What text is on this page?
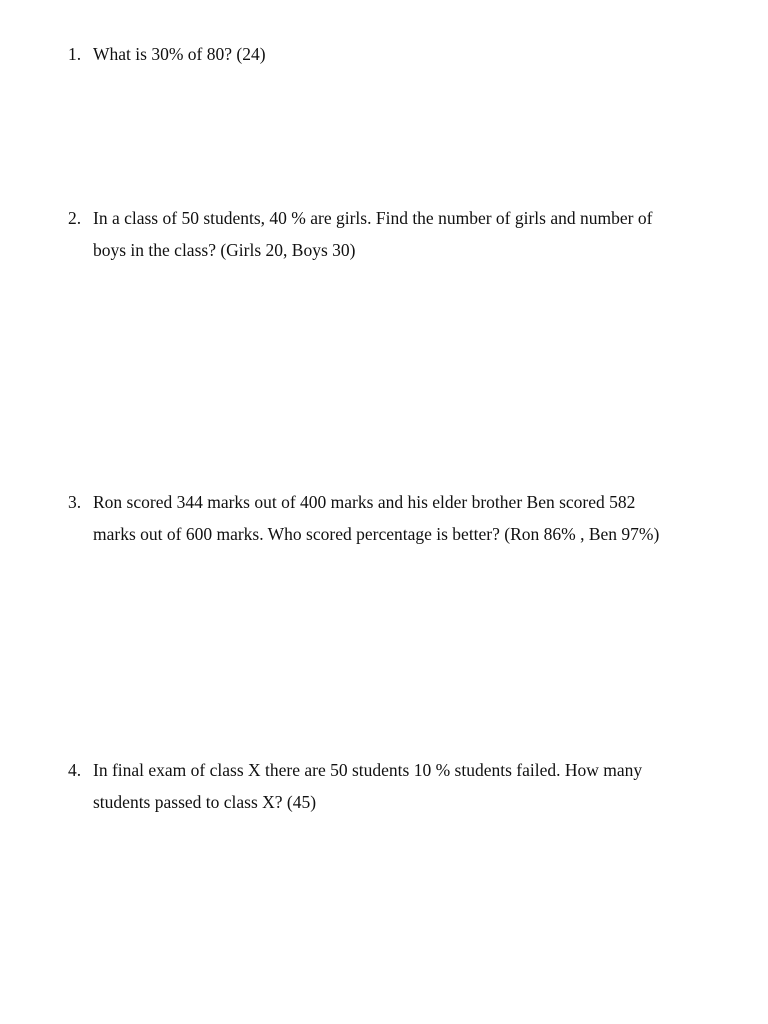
1. What is 30% of 80? (24)
2. In a class of 50 students, 40 % are girls. Find the number of girls and number of
boys in the class? (Girls 20, Boys 30)
3. Ron scored 344 marks out of 400 marks and his elder brother Ben scored 582
marks out of 600 marks. Who scored percentage is better? (Ron 86% , Ben 97%)
4. In final exam of class X there are 50 students 10 % students failed. How many
students passed to class X? (45)
